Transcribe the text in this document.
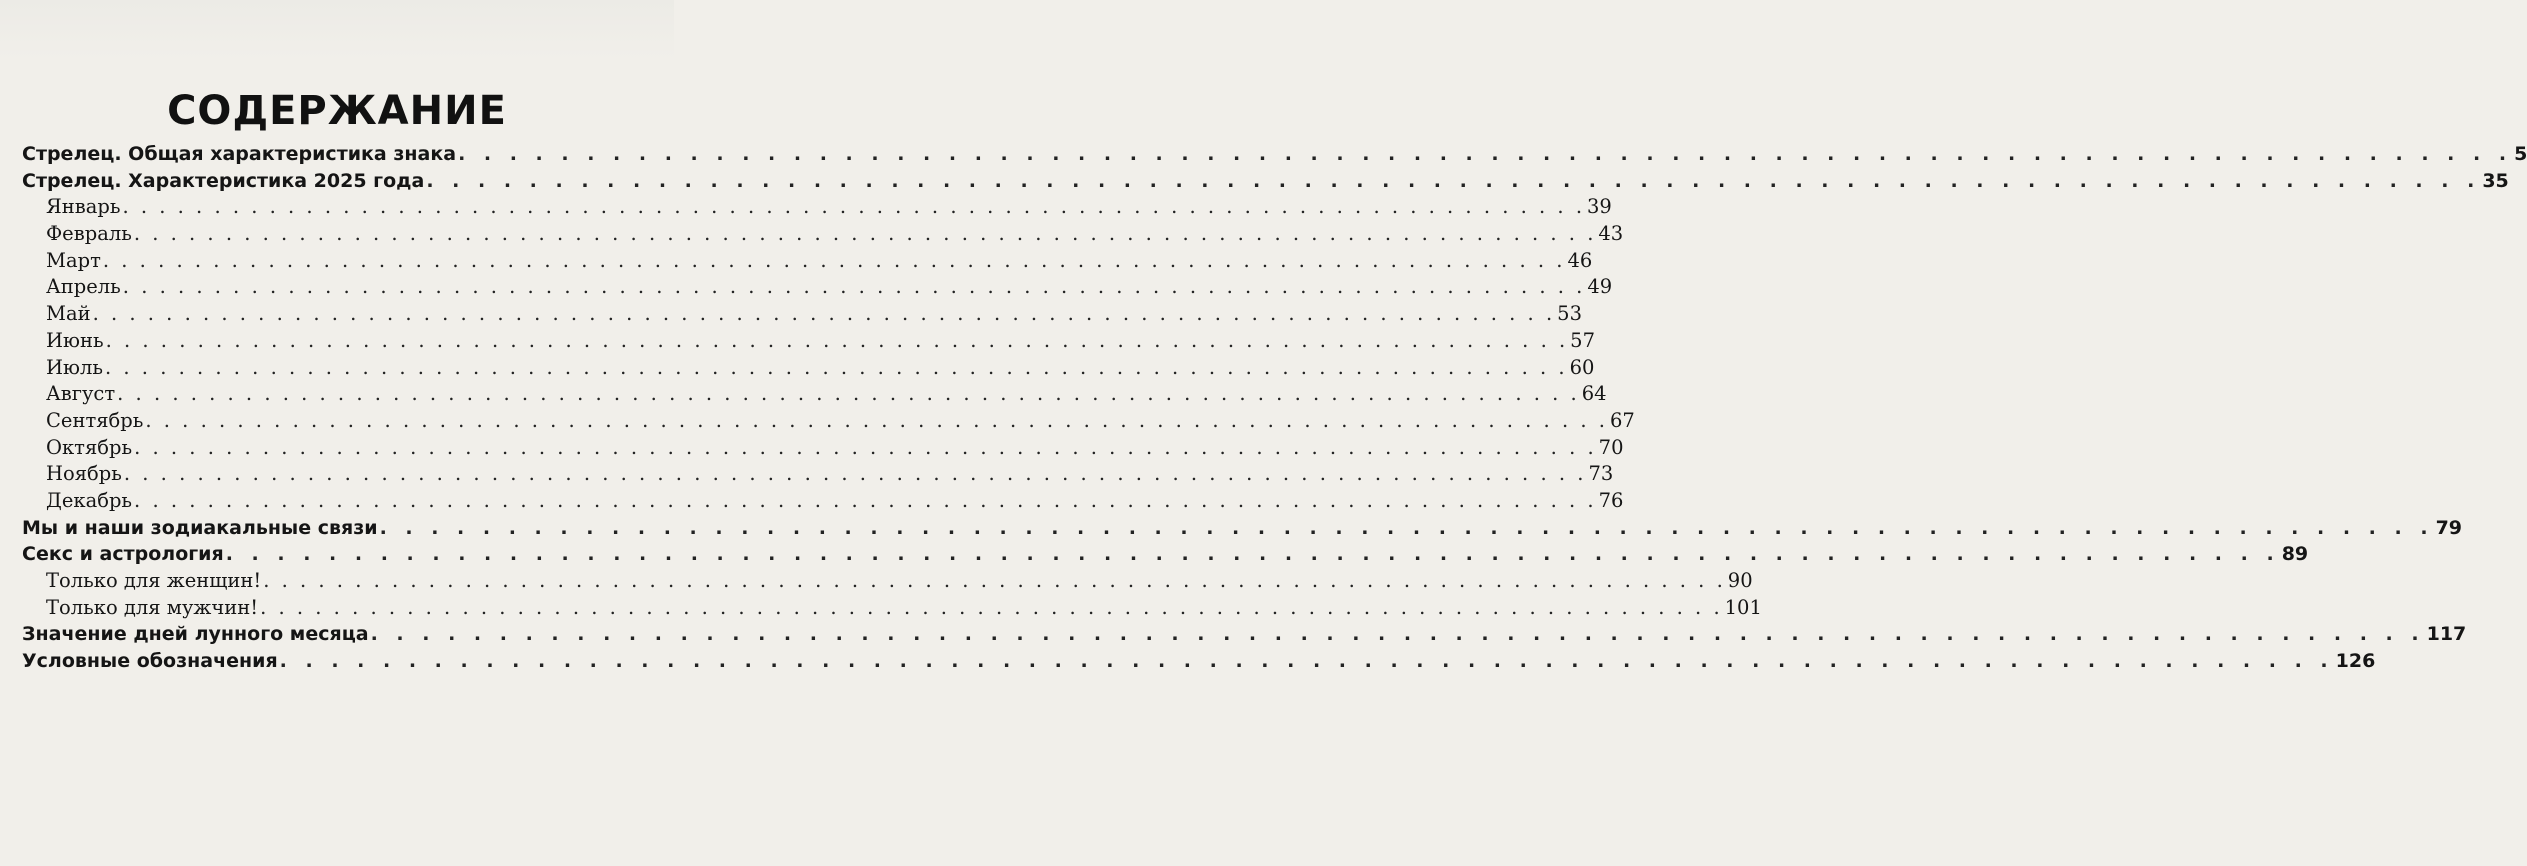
СОДЕРЖАНИЕ
Стрелец. Общая характеристика знака . . . . . . . . . . . . . . . . . . . . . . . . . . . . . . . . . . . . . . . . . . . . . . . . . . . . . . . . . . . . . . . . . . . . . . . . . . . . . . . . 5
Стрелец. Характеристика 2025 года . . . . . . . . . . . . . . . . . . . . . . . . . . . . . . . . . . . . . . . . . . . . . . . . . . . . . . . . . . . . . . . . . . . . . . . . . . . . . . . . 35
Январь . . . . . . . . . . . . . . . . . . . . . . . . . . . . . . . . . . . . . . . . . . . . . . . . . . . . . . . . . . . . . . . . . . . . . . . . . . . . . . . . 39
Февраль . . . . . . . . . . . . . . . . . . . . . . . . . . . . . . . . . . . . . . . . . . . . . . . . . . . . . . . . . . . . . . . . . . . . . . . . . . . . . . . . 43
Март . . . . . . . . . . . . . . . . . . . . . . . . . . . . . . . . . . . . . . . . . . . . . . . . . . . . . . . . . . . . . . . . . . . . . . . . . . . . . . . . 46
Апрель . . . . . . . . . . . . . . . . . . . . . . . . . . . . . . . . . . . . . . . . . . . . . . . . . . . . . . . . . . . . . . . . . . . . . . . . . . . . . . . . 49
Май . . . . . . . . . . . . . . . . . . . . . . . . . . . . . . . . . . . . . . . . . . . . . . . . . . . . . . . . . . . . . . . . . . . . . . . . . . . . . . . . 53
Июнь . . . . . . . . . . . . . . . . . . . . . . . . . . . . . . . . . . . . . . . . . . . . . . . . . . . . . . . . . . . . . . . . . . . . . . . . . . . . . . . . 57
Июль . . . . . . . . . . . . . . . . . . . . . . . . . . . . . . . . . . . . . . . . . . . . . . . . . . . . . . . . . . . . . . . . . . . . . . . . . . . . . . . . 60
Август . . . . . . . . . . . . . . . . . . . . . . . . . . . . . . . . . . . . . . . . . . . . . . . . . . . . . . . . . . . . . . . . . . . . . . . . . . . . . . . . 64
Сентябрь . . . . . . . . . . . . . . . . . . . . . . . . . . . . . . . . . . . . . . . . . . . . . . . . . . . . . . . . . . . . . . . . . . . . . . . . . . . . . . . . 67
Октябрь . . . . . . . . . . . . . . . . . . . . . . . . . . . . . . . . . . . . . . . . . . . . . . . . . . . . . . . . . . . . . . . . . . . . . . . . . . . . . . . . 70
Ноябрь . . . . . . . . . . . . . . . . . . . . . . . . . . . . . . . . . . . . . . . . . . . . . . . . . . . . . . . . . . . . . . . . . . . . . . . . . . . . . . . . 73
Декабрь . . . . . . . . . . . . . . . . . . . . . . . . . . . . . . . . . . . . . . . . . . . . . . . . . . . . . . . . . . . . . . . . . . . . . . . . . . . . . . . . 76
Мы и наши зодиакальные связи . . . . . . . . . . . . . . . . . . . . . . . . . . . . . . . . . . . . . . . . . . . . . . . . . . . . . . . . . . . . . . . . . . . . . . . . . . . . . . . . 79
Секс и астрология . . . . . . . . . . . . . . . . . . . . . . . . . . . . . . . . . . . . . . . . . . . . . . . . . . . . . . . . . . . . . . . . . . . . . . . . . . . . . . . . 89
Только для женщин! . . . . . . . . . . . . . . . . . . . . . . . . . . . . . . . . . . . . . . . . . . . . . . . . . . . . . . . . . . . . . . . . . . . . . . . . . . . . . . . . 90
Только для мужчин! . . . . . . . . . . . . . . . . . . . . . . . . . . . . . . . . . . . . . . . . . . . . . . . . . . . . . . . . . . . . . . . . . . . . . . . . . . . . . . . . 101
Значение дней лунного месяца . . . . . . . . . . . . . . . . . . . . . . . . . . . . . . . . . . . . . . . . . . . . . . . . . . . . . . . . . . . . . . . . . . . . . . . . . . . . . . . . 117
Условные обозначения . . . . . . . . . . . . . . . . . . . . . . . . . . . . . . . . . . . . . . . . . . . . . . . . . . . . . . . . . . . . . . . . . . . . . . . . . . . . . . . . 126
